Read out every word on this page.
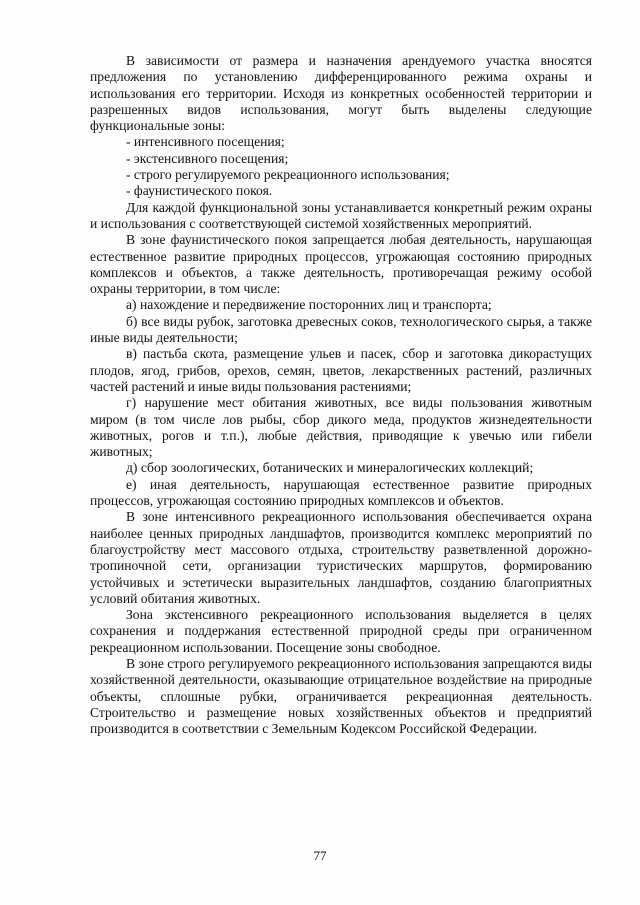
В зависимости от размера и назначения арендуемого участка вносятся предложения по установлению дифференцированного режима охраны и использования его территории. Исходя из конкретных особенностей территории и разрешенных видов использования, могут быть выделены следующие функциональные зоны:

- интенсивного посещения;

- экстенсивного посещения;

- строго регулируемого рекреационного использования;

- фаунистического покоя.

Для каждой функциональной зоны устанавливается конкретный режим охраны и использования с соответствующей системой хозяйственных мероприятий.

В зоне фаунистического покоя запрещается любая деятельность, нарушающая естественное развитие природных процессов, угрожающая состоянию природных комплексов и объектов, а также деятельность, противоречащая режиму особой охраны территории, в том числе:

а) нахождение и передвижение посторонних лиц и транспорта;

б) все виды рубок, заготовка древесных соков, технологического сырья, а также иные виды деятельности;

в) пастьба скота, размещение ульев и пасек, сбор и заготовка дикорастущих плодов, ягод, грибов, орехов, семян, цветов, лекарственных растений, различных частей растений и иные виды пользования растениями;

г) нарушение мест обитания животных, все виды пользования животным миром (в том числе лов рыбы, сбор дикого меда, продуктов жизнедеятельности животных, рогов и т.п.), любые действия, приводящие к увечью или гибели животных;

д) сбор зоологических, ботанических и минералогических коллекций;

е) иная деятельность, нарушающая естественное развитие природных процессов, угрожающая состоянию природных комплексов и объектов.

В зоне интенсивного рекреационного использования обеспечивается охрана наиболее ценных природных ландшафтов, производится комплекс мероприятий по благоустройству мест массового отдыха, строительству разветвленной дорожно-тропиночной сети, организации туристических маршрутов, формированию устойчивых и эстетически выразительных ландшафтов, созданию благоприятных условий обитания животных.

Зона экстенсивного рекреационного использования выделяется в целях сохранения и поддержания естественной природной среды при ограниченном рекреационном использовании. Посещение зоны свободное.

В зоне строго регулируемого рекреационного использования запрещаются виды хозяйственной деятельности, оказывающие отрицательное воздействие на природные объекты, сплошные рубки, ограничивается рекреационная деятельность. Строительство и размещение новых хозяйственных объектов и предприятий производится в соответствии с Земельным Кодексом Российской Федерации.

77
